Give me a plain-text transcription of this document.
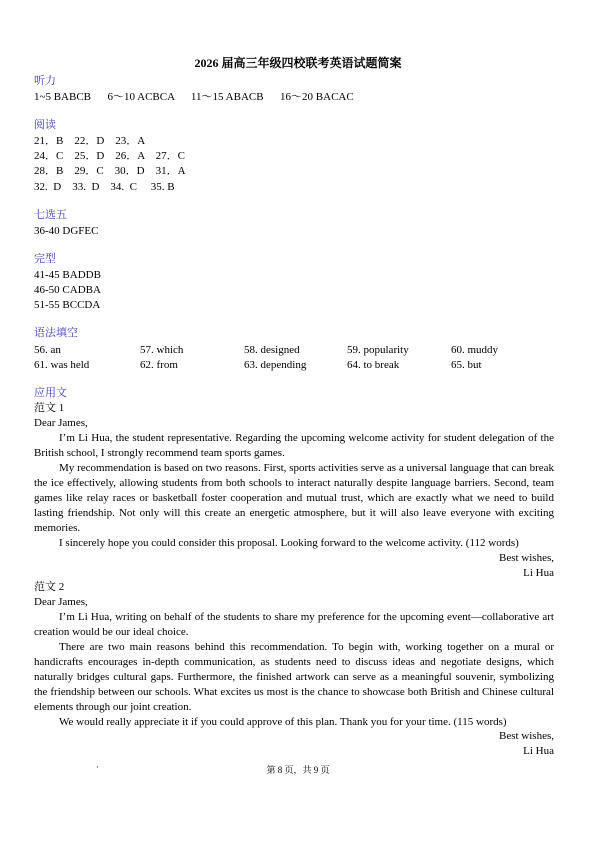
2026 届高三年级四校联考英语试题简案
听力
1~5 BABCB      6～10 ACBCA      11～15 ABACB      16～20 BACAC
阅读
21．B    22．D    23．A
24．C    25．D    26．A    27．C
28．B    29．C    30．D    31．A
32.  D    33.  D    34.  C     35. B
七选五
36-40 DGFEC
完型
41-45 BADDB
46-50 CADBA
51-55 BCCDA
语法填空
56. an	57. which	58. designed	59. popularity	60. muddy
61. was held	62. from	63. depending	64. to break	65. but
应用文
范文 1
Dear James,
I’m Li Hua, the student representative. Regarding the upcoming welcome activity for student delegation of the British school, I strongly recommend team sports games.
My recommendation is based on two reasons. First, sports activities serve as a universal language that can break the ice effectively, allowing students from both schools to interact naturally despite language barriers. Second, team games like relay races or basketball foster cooperation and mutual trust, which are exactly what we need to build lasting friendship. Not only will this create an energetic atmosphere, but it will also leave everyone with exciting memories.
I sincerely hope you could consider this proposal. Looking forward to the welcome activity. (112 words)
Best wishes,
Li Hua
范文 2
Dear James,
I’m Li Hua, writing on behalf of the students to share my preference for the upcoming event—collaborative art creation would be our ideal choice.
There are two main reasons behind this recommendation. To begin with, working together on a mural or handicrafts encourages in-depth communication, as students need to discuss ideas and negotiate designs, which naturally bridges cultural gaps. Furthermore, the finished artwork can serve as a meaningful souvenir, symbolizing the friendship between our schools. What excites us most is the chance to showcase both British and Chinese cultural elements through our joint creation.
We would really appreciate it if you could approve of this plan. Thank you for your time. (115 words)
Best wishes,
Li Hua
·	第 8 页，共 9 页
